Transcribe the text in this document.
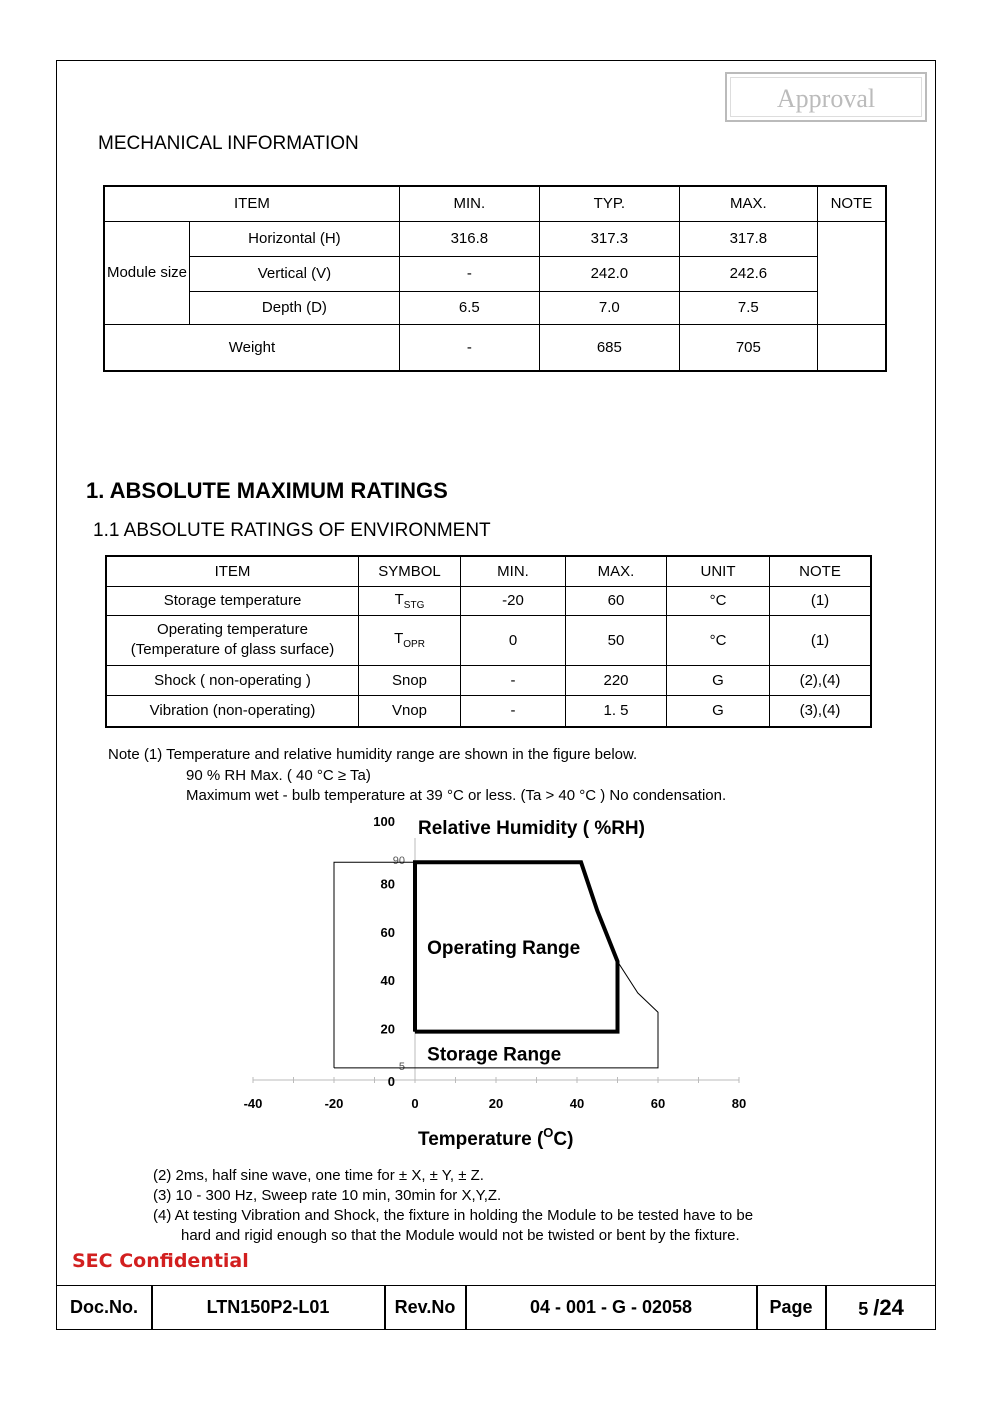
Approval
MECHANICAL INFORMATION
ITEM		MIN.	TYP.	MAX.	NOTE
Module size	Horizontal (H)	316.8	317.3	317.8	
	Vertical (V)	-	242.0	242.6	
	Depth (D)	6.5	7.0	7.5	
Weight		-	685	705	
1. ABSOLUTE MAXIMUM RATINGS
1.1 ABSOLUTE RATINGS OF ENVIRONMENT
ITEM	SYMBOL	MIN.	MAX.	UNIT	NOTE
Storage temperature	$T_{STG}$	-20	60	°C	(1)

Operating temperature
(Temperature of glass surface)	$T_{OPR}$	0	50	°C	(1)
Shock ( non-operating )	Snop	-	220	G	(2),(4)
Vibration (non-operating)	Vnop	-	1. 5	G	(3),(4)
Note (1) Temperature and relative humidity range are shown in the figure below.
90 % RH Max. ( 40 °C ≥ Ta)
Maximum wet - bulb temperature at 39 °C or less. (Ta > 40 °C ) No condensation.
Relative Humidity ( %RH)
-40	-20	0	20	40	60	80
0
20
40
60
80
100
5
90
Operating Range
Storage Range
Temperature ($^O$C)
(2) 2ms, half sine wave, one time for ± X, ± Y, ± Z.
(3) 10 - 300 Hz, Sweep rate 10 min, 30min for X,Y,Z.
(4) At testing Vibration and Shock, the fixture in holding the Module to be tested have to be
hard and rigid enough so that the Module would not be twisted or bent by the fixture.
SEC Confidential
Doc.No.	LTN150P2-L01	Rev.No	04 - 001 - G - 02058	Page	5 /24
